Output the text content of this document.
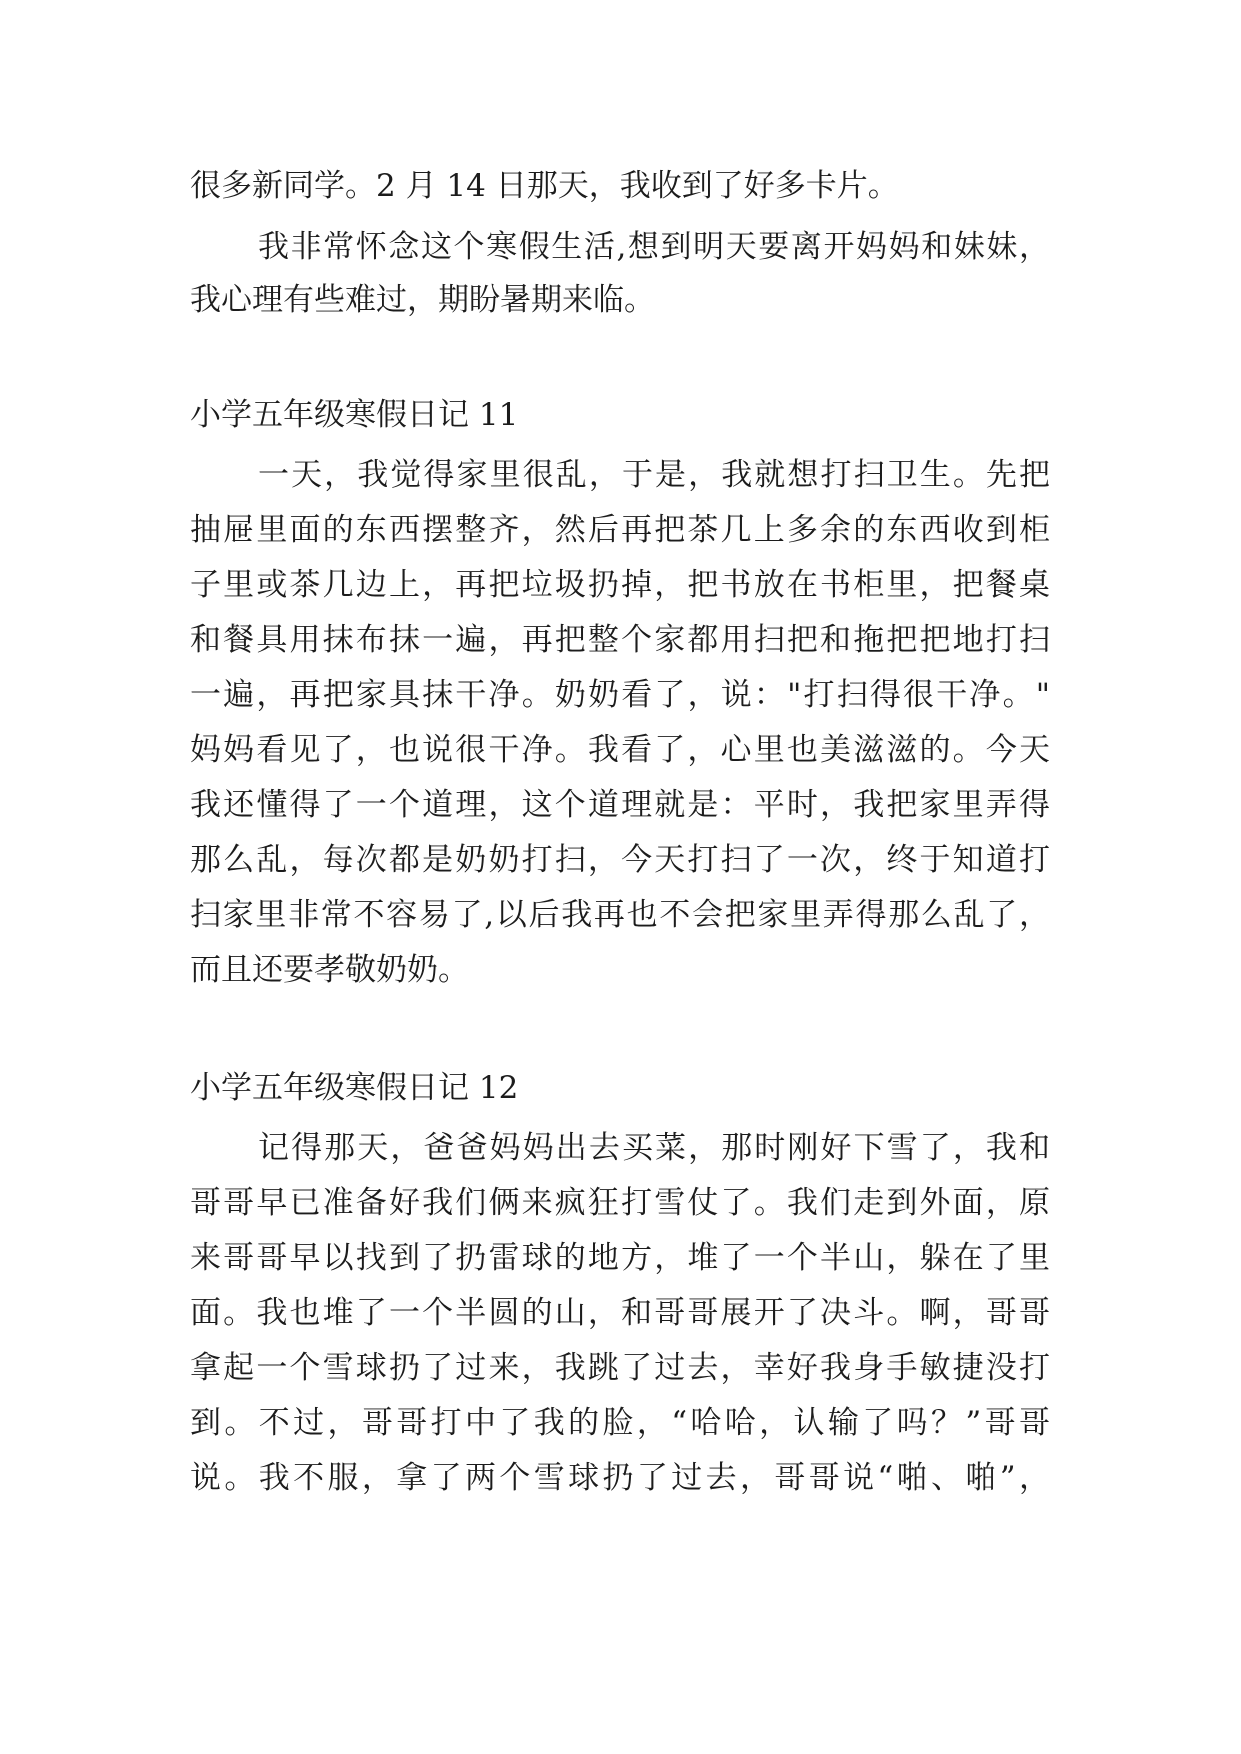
很多新同学。2 月 14 日那天，我收到了好多卡片。
我非常怀念这个寒假生活,想到明天要离开妈妈和妹妹，
我心理有些难过，期盼暑期来临。
小学五年级寒假日记 11
一天，我觉得家里很乱，于是，我就想打扫卫生。先把
抽屉里面的东西摆整齐，然后再把茶几上多余的东西收到柜
子里或茶几边上，再把垃圾扔掉，把书放在书柜里，把餐桌
和餐具用抹布抹一遍，再把整个家都用扫把和拖把把地打扫
一遍，再把家具抹干净。奶奶看了，说："打扫得很干净。"
妈妈看见了，也说很干净。我看了，心里也美滋滋的。今天
我还懂得了一个道理，这个道理就是：平时，我把家里弄得
那么乱，每次都是奶奶打扫，今天打扫了一次，终于知道打
扫家里非常不容易了,以后我再也不会把家里弄得那么乱了，
而且还要孝敬奶奶。
小学五年级寒假日记 12
记得那天，爸爸妈妈出去买菜，那时刚好下雪了，我和
哥哥早已准备好我们俩来疯狂打雪仗了。我们走到外面，原
来哥哥早以找到了扔雷球的地方，堆了一个半山，躲在了里
面。我也堆了一个半圆的山，和哥哥展开了决斗。啊，哥哥
拿起一个雪球扔了过来，我跳了过去，幸好我身手敏捷没打
到。不过，哥哥打中了我的脸，“哈哈，认输了吗？”哥哥
说。我不服，拿了两个雪球扔了过去，哥哥说“啪、啪”，
